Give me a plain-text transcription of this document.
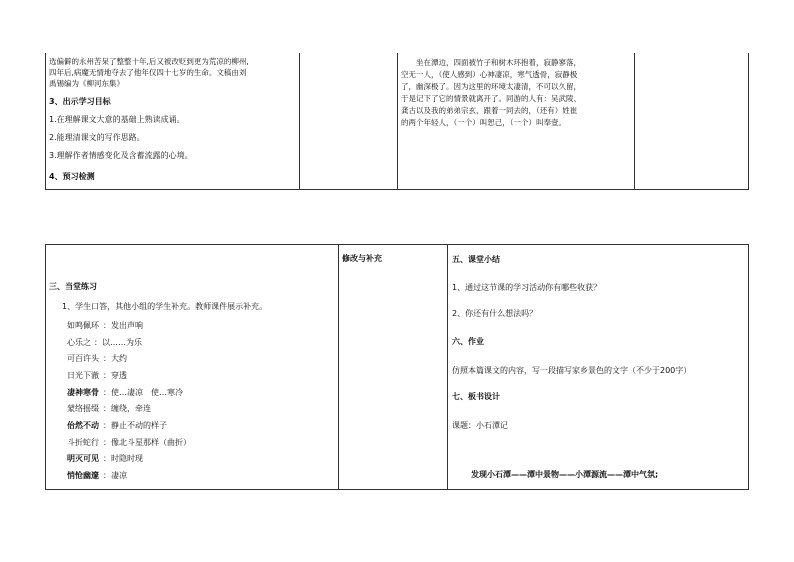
选偏僻的永州苦呆了整整十年,后又被改贬到更为荒凉的柳州,
四年后,病魔无情地夺去了他年仅四十七岁的生命。文稿由刘
禹锡编为《柳河东集》
3、出示学习目标
1.在理解课文大意的基础上熟读成诵。
2.能理清课文的写作思路。
3.理解作者情感变化及含蓄流露的心境。
4、预习检测
坐在潭边，四面被竹子和树木环抱着，寂静寥落，
空无一人，（使人感到）心神凄凉，寒气透骨，寂静极
了，幽深极了。因为这里的环境太凄清，不可以久留，
于是记下了它的情景就离开了。同游的人有：吴武陵、
龚古以及我的弟弟宗玄，跟着一同去的，（还有）姓崔
的两个年轻人，（一个）叫恕己，（一个）叫奉壹。
三、当堂练习
1、学生口答，其他小组的学生补充。教师课件展示补充。
如鸣佩环 ： 发出声响
心乐之 ： 以……为乐
可百许头 ： 大约
日光下澈 ： 穿透
凄神寒骨 ： 使…凄凉　使…寒冷
蒙络摇缀 ： 缠绕，牵连
佁然不动 ： 静止不动的样子
斗折蛇行 ： 像北斗星那样（曲折）
明灭可见 ： 时隐时现
悄怆幽邃
修改与补充	五、课堂小结
1、通过这节课的学习活动你有哪些收获？
2、你还有什么想法吗？
六、作业
仿照本篇课文的内容，写一段描写家乡景色的文字（不少于200字）
七、板书设计
课题：小石潭记
发现小石潭——潭中景物——小潭源流——潭中气氛;
： 凄凉
